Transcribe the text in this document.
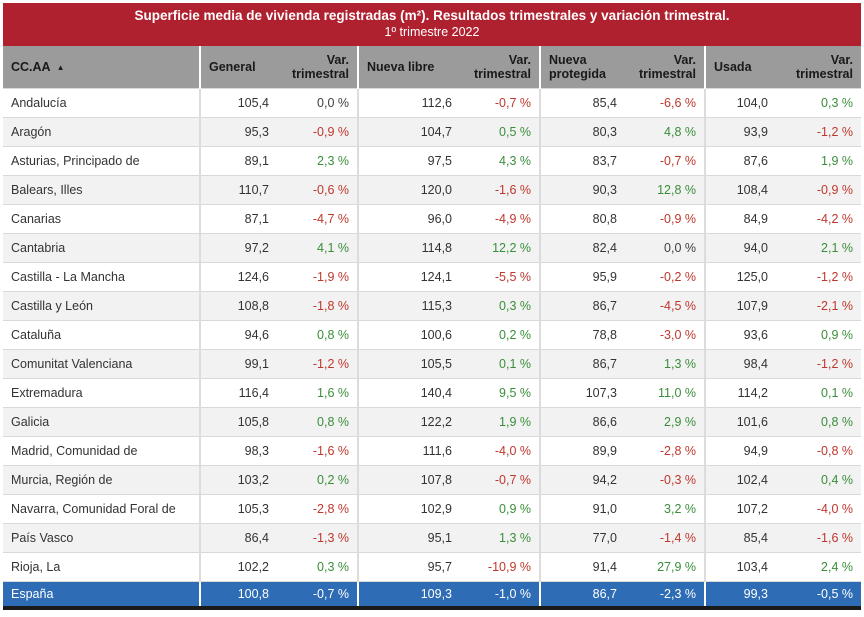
Superficie media de vivienda registradas (m²). Resultados trimestrales y variación trimestral.
1º trimestre 2022
CC.AA ▲	General	Var. trimestral	Nueva libre	Var. trimestral	Nueva protegida	Var. trimestral	Usada	Var. trimestral
Andalucía	105,4	0,0 %	112,6	-0,7 %	85,4	-6,6 %	104,0	0,3 %
Aragón	95,3	-0,9 %	104,7	0,5 %	80,3	4,8 %	93,9	-1,2 %
Asturias, Principado de	89,1	2,3 %	97,5	4,3 %	83,7	-0,7 %	87,6	1,9 %
Balears, Illes	110,7	-0,6 %	120,0	-1,6 %	90,3	12,8 %	108,4	-0,9 %
Canarias	87,1	-4,7 %	96,0	-4,9 %	80,8	-0,9 %	84,9	-4,2 %
Cantabria	97,2	4,1 %	114,8	12,2 %	82,4	0,0 %	94,0	2,1 %
Castilla - La Mancha	124,6	-1,9 %	124,1	-5,5 %	95,9	-0,2 %	125,0	-1,2 %
Castilla y León	108,8	-1,8 %	115,3	0,3 %	86,7	-4,5 %	107,9	-2,1 %
Cataluña	94,6	0,8 %	100,6	0,2 %	78,8	-3,0 %	93,6	0,9 %
Comunitat Valenciana	99,1	-1,2 %	105,5	0,1 %	86,7	1,3 %	98,4	-1,2 %
Extremadura	116,4	1,6 %	140,4	9,5 %	107,3	11,0 %	114,2	0,1 %
Galicia	105,8	0,8 %	122,2	1,9 %	86,6	2,9 %	101,6	0,8 %
Madrid, Comunidad de	98,3	-1,6 %	111,6	-4,0 %	89,9	-2,8 %	94,9	-0,8 %
Murcia, Región de	103,2	0,2 %	107,8	-0,7 %	94,2	-0,3 %	102,4	0,4 %
Navarra, Comunidad Foral de	105,3	-2,8 %	102,9	0,9 %	91,0	3,2 %	107,2	-4,0 %
País Vasco	86,4	-1,3 %	95,1	1,3 %	77,0	-1,4 %	85,4	-1,6 %
Rioja, La	102,2	0,3 %	95,7	-10,9 %	91,4	27,9 %	103,4	2,4 %
España	100,8	-0,7 %	109,3	-1,0 %	86,7	-2,3 %	99,3	-0,5 %
